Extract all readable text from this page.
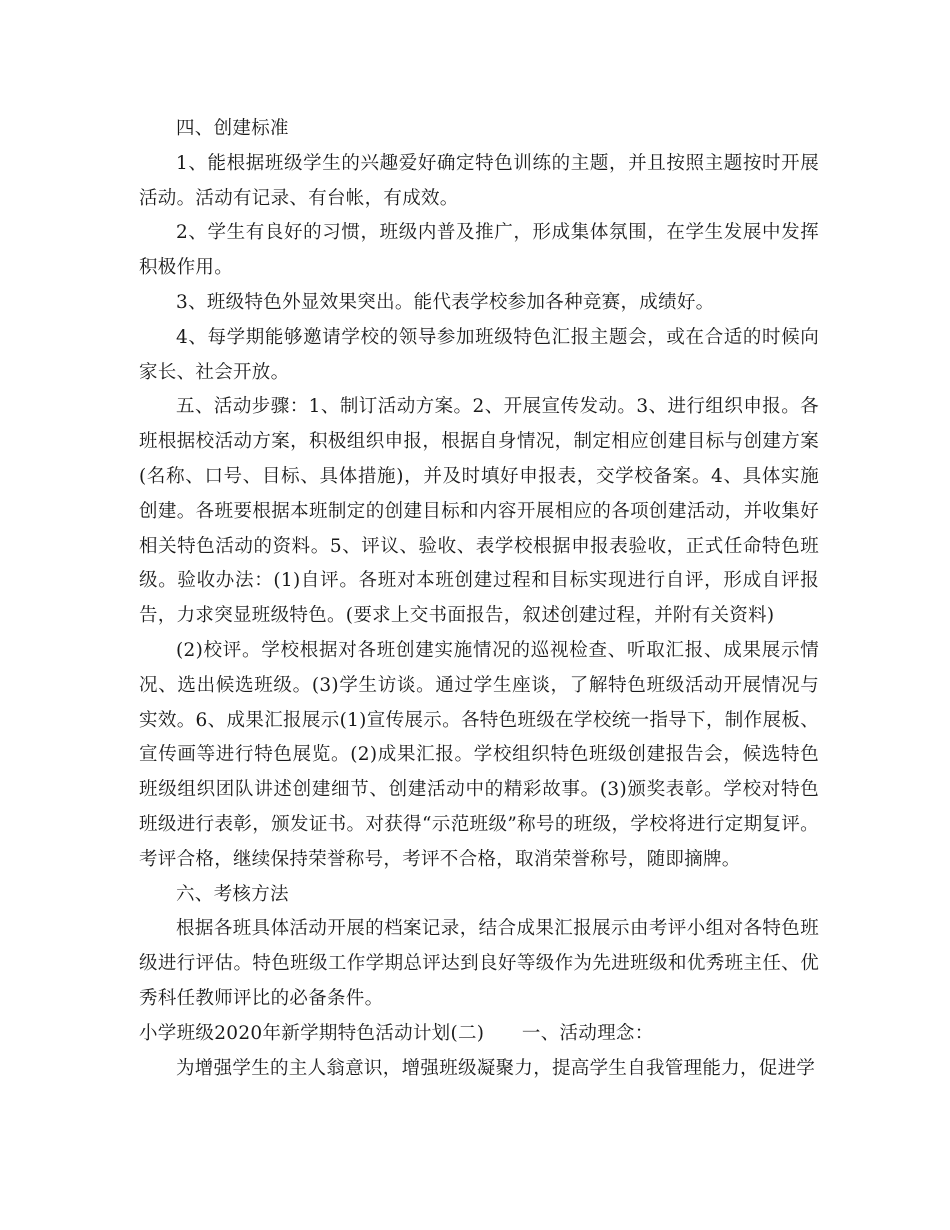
四、创建标准

1、能根据班级学生的兴趣爱好确定特色训练的主题，并且按照主题按时开展活动。活动有记录、有台帐，有成效。

2、学生有良好的习惯，班级内普及推广，形成集体氛围，在学生发展中发挥积极作用。

3、班级特色外显效果突出。能代表学校参加各种竞赛，成绩好。

4、每学期能够邀请学校的领导参加班级特色汇报主题会，或在合适的时候向家长、社会开放。

五、活动步骤：1、制订活动方案。2、开展宣传发动。3、进行组织申报。各班根据校活动方案，积极组织申报，根据自身情况，制定相应创建目标与创建方案(名称、口号、目标、具体措施)，并及时填好申报表，交学校备案。4、具体实施创建。各班要根据本班制定的创建目标和内容开展相应的各项创建活动，并收集好相关特色活动的资料。5、评议、验收、表学校根据申报表验收，正式任命特色班级。验收办法：(1)自评。各班对本班创建过程和目标实现进行自评，形成自评报告，力求突显班级特色。(要求上交书面报告，叙述创建过程，并附有关资料)

(2)校评。学校根据对各班创建实施情况的巡视检查、听取汇报、成果展示情况、选出候选班级。(3)学生访谈。通过学生座谈，了解特色班级活动开展情况与实效。6、成果汇报展示(1)宣传展示。各特色班级在学校统一指导下，制作展板、宣传画等进行特色展览。(2)成果汇报。学校组织特色班级创建报告会，候选特色班级组织团队讲述创建细节、创建活动中的精彩故事。(3)颁奖表彰。学校对特色班级进行表彰，颁发证书。对获得“示范班级”称号的班级，学校将进行定期复评。考评合格，继续保持荣誉称号，考评不合格，取消荣誉称号，随即摘牌。

六、考核方法

根据各班具体活动开展的档案记录，结合成果汇报展示由考评小组对各特色班级进行评估。特色班级工作学期总评达到良好等级作为先进班级和优秀班主任、优秀科任教师评比的必备条件。

小学班级2020年新学期特色活动计划(二)　　一、活动理念：

为增强学生的主人翁意识，增强班级凝聚力，提高学生自我管理能力，促进学
